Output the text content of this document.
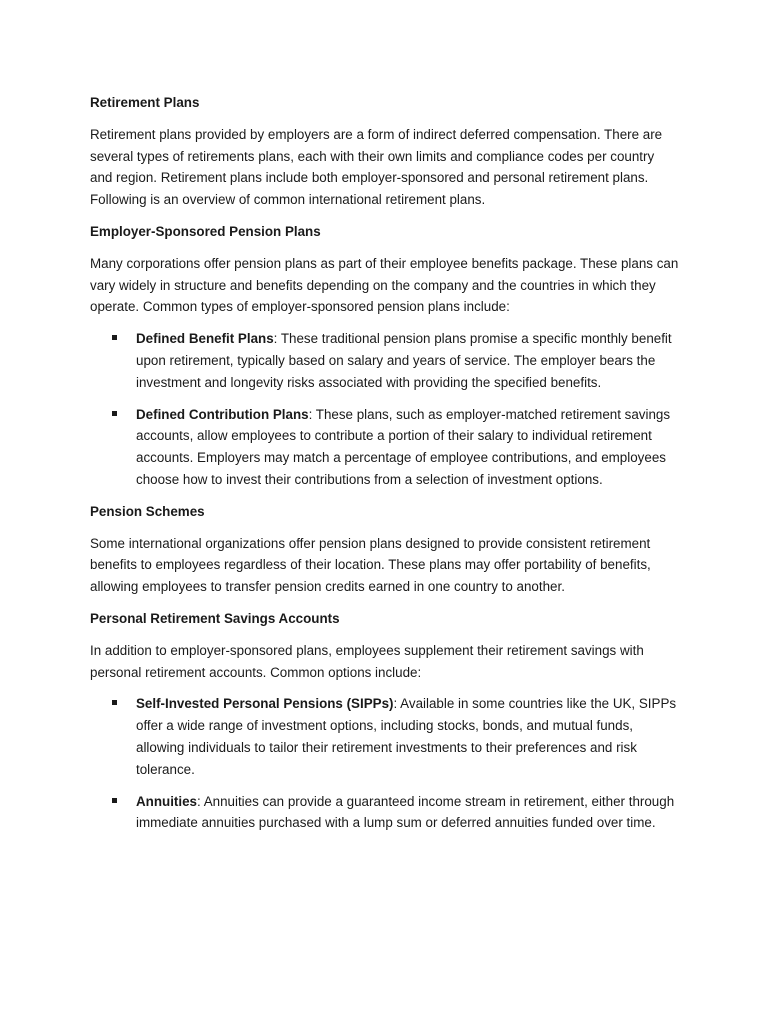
Retirement Plans

Retirement plans provided by employers are a form of indirect deferred compensation. There are several types of retirements plans, each with their own limits and compliance codes per country and region. Retirement plans include both employer-sponsored and personal retirement plans. Following is an overview of common international retirement plans.

Employer-Sponsored Pension Plans

Many corporations offer pension plans as part of their employee benefits package. These plans can vary widely in structure and benefits depending on the company and the countries in which they operate. Common types of employer-sponsored pension plans include:

Defined Benefit Plans: These traditional pension plans promise a specific monthly benefit upon retirement, typically based on salary and years of service. The employer bears the investment and longevity risks associated with providing the specified benefits.
Defined Contribution Plans: These plans, such as employer-matched retirement savings accounts, allow employees to contribute a portion of their salary to individual retirement accounts. Employers may match a percentage of employee contributions, and employees choose how to invest their contributions from a selection of investment options.
Pension Schemes

Some international organizations offer pension plans designed to provide consistent retirement benefits to employees regardless of their location. These plans may offer portability of benefits, allowing employees to transfer pension credits earned in one country to another.

Personal Retirement Savings Accounts

In addition to employer-sponsored plans, employees supplement their retirement savings with personal retirement accounts. Common options include:

Self-Invested Personal Pensions (SIPPs): Available in some countries like the UK, SIPPs offer a wide range of investment options, including stocks, bonds, and mutual funds, allowing individuals to tailor their retirement investments to their preferences and risk tolerance.
Annuities: Annuities can provide a guaranteed income stream in retirement, either through immediate annuities purchased with a lump sum or deferred annuities funded over time.
